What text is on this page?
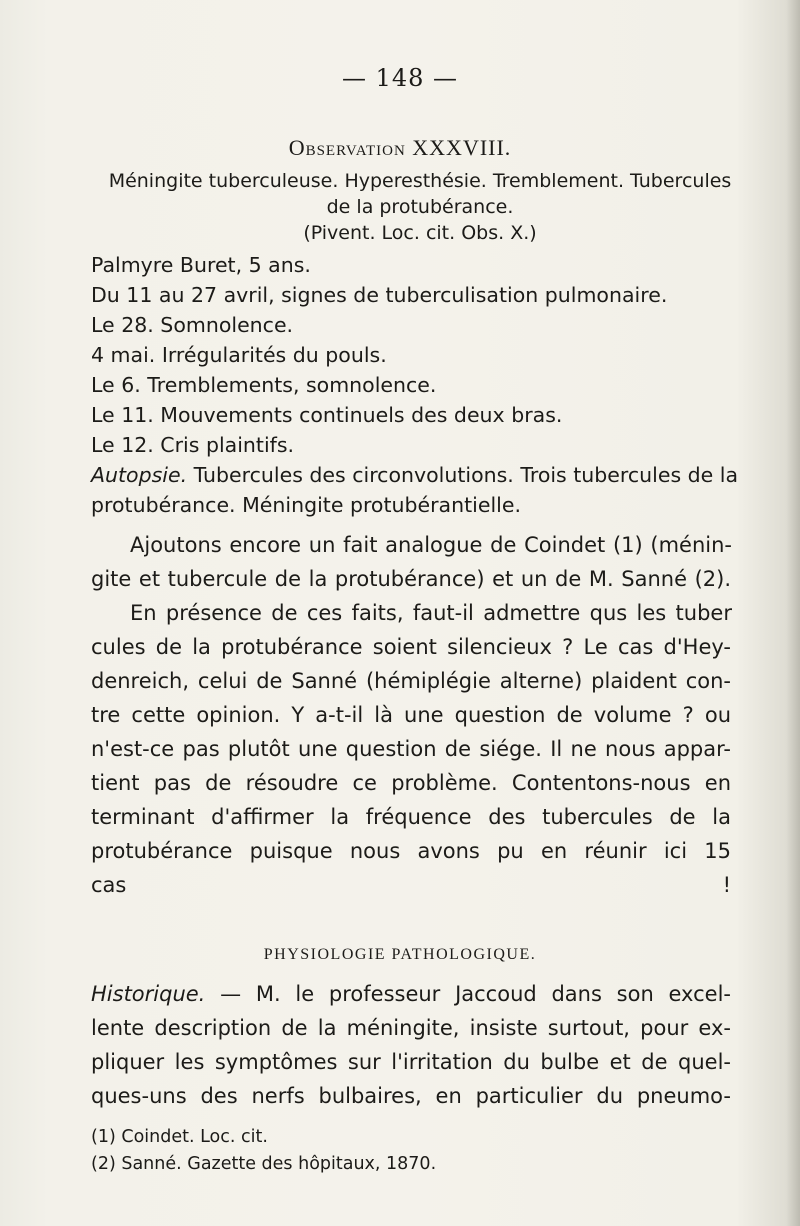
— 148 —
Observation XXXVIII.
Méningite tuberculeuse. Hyperesthésie. Tremblement. Tubercules
de la protubérance.
(Pivent. Loc. cit. Obs. X.)
Palmyre Buret, 5 ans.
Du 11 au 27 avril, signes de tuberculisation pulmonaire.
Le 28. Somnolence.
4 mai. Irrégularités du pouls.
Le 6. Tremblements, somnolence.
Le 11. Mouvements continuels des deux bras.
Le 12. Cris plaintifs.
Autopsie. Tubercules des circonvolutions. Trois tubercules de la
protubérance. Méningite protubérantielle.
Ajoutons encore un fait analogue de Coindet (1) (ménin-
gite et tubercule de la protubérance) et un de M. Sanné (2).
En présence de ces faits, faut-il admettre qus les tuber
cules de la protubérance soient silencieux ? Le cas d'Hey-
denreich, celui de Sanné (hémiplégie alterne) plaident con-
tre cette opinion. Y a-t-il là une question de volume ? ou
n'est-ce pas plutôt une question de siége. Il ne nous appar-
tient pas de résoudre ce problème. Contentons-nous en
terminant d'affirmer la fréquence des tubercules de la
protubérance puisque nous avons pu en réunir ici 15
cas !
PHYSIOLOGIE PATHOLOGIQUE.
Historique. — M. le professeur Jaccoud dans son excel-
lente description de la méningite, insiste surtout, pour ex-
pliquer les symptômes sur l'irritation du bulbe et de quel-
ques-uns des nerfs bulbaires, en particulier du pneumo-
(1) Coindet. Loc. cit.
(2) Sanné. Gazette des hôpitaux, 1870.
